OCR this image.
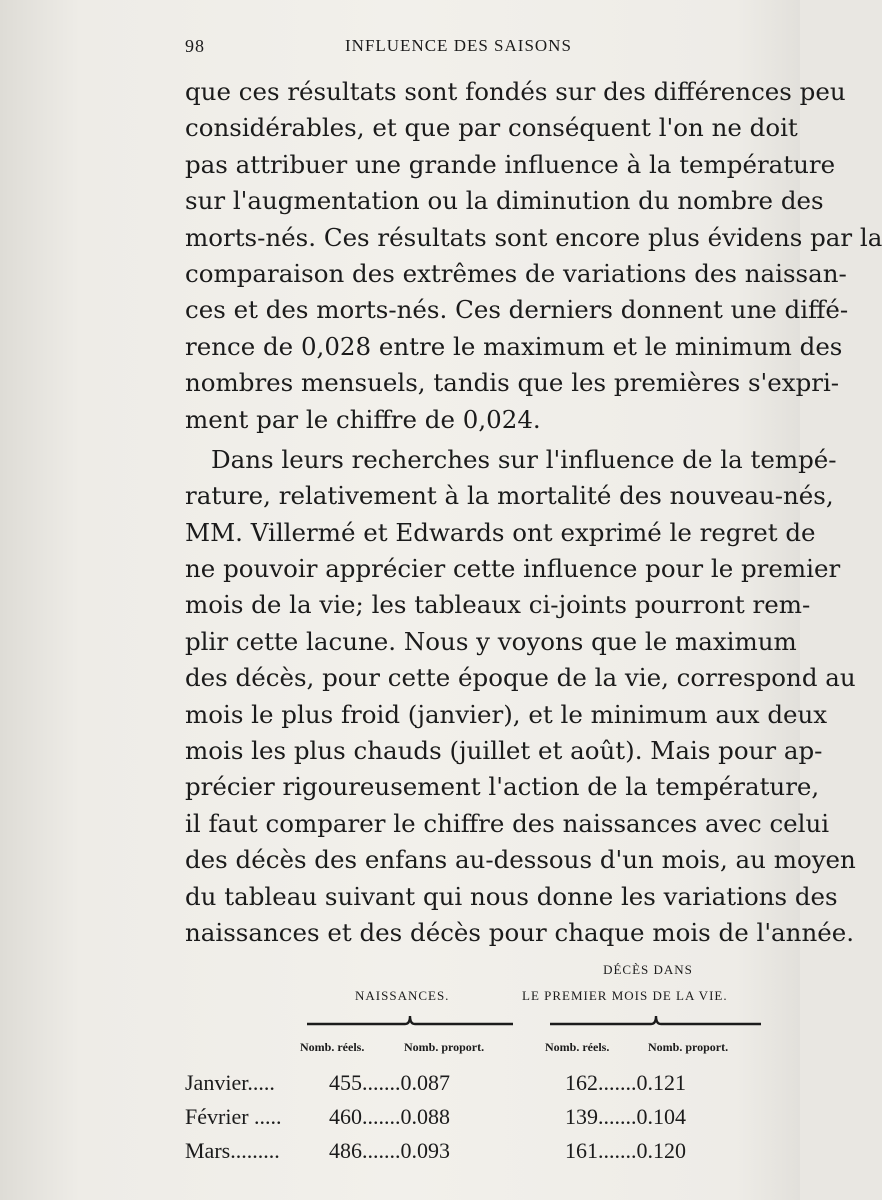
98	INFLUENCE DES SAISONS
que ces résultats sont fondés sur des différences peu
considérables, et que par conséquent l'on ne doit
pas attribuer une grande influence à la température
sur l'augmentation ou la diminution du nombre des
morts-nés. Ces résultats sont encore plus évidens par la
comparaison des extrêmes de variations des naissan-
ces et des morts-nés. Ces derniers donnent une diffé-
rence de 0,028 entre le maximum et le minimum des
nombres mensuels, tandis que les premières s'expri-
ment par le chiffre de 0,024.
Dans leurs recherches sur l'influence de la tempé-
rature, relativement à la mortalité des nouveau-nés,
MM. Villermé et Edwards ont exprimé le regret de
ne pouvoir apprécier cette influence pour le premier
mois de la vie; les tableaux ci-joints pourront rem-
plir cette lacune. Nous y voyons que le maximum
des décès, pour cette époque de la vie, correspond au
mois le plus froid (janvier), et le minimum aux deux
mois les plus chauds (juillet et août). Mais pour ap-
précier rigoureusement l'action de la température,
il faut comparer le chiffre des naissances avec celui
des décès des enfans au-dessous d'un mois, au moyen
du tableau suivant qui nous donne les variations des
naissances et des décès pour chaque mois de l'année.
DÉCÈS DANS
NAISSANCES.	LE PREMIER MOIS DE LA VIE.
Nomb. réels.	Nomb. proport.	Nomb. réels.	Nomb. proport.
Janvier..... 455.......0.087	162.......0.121
Février ..... 460.......0.088	139.......0.104
Mars......... 486.......0.093	161.......0.120
